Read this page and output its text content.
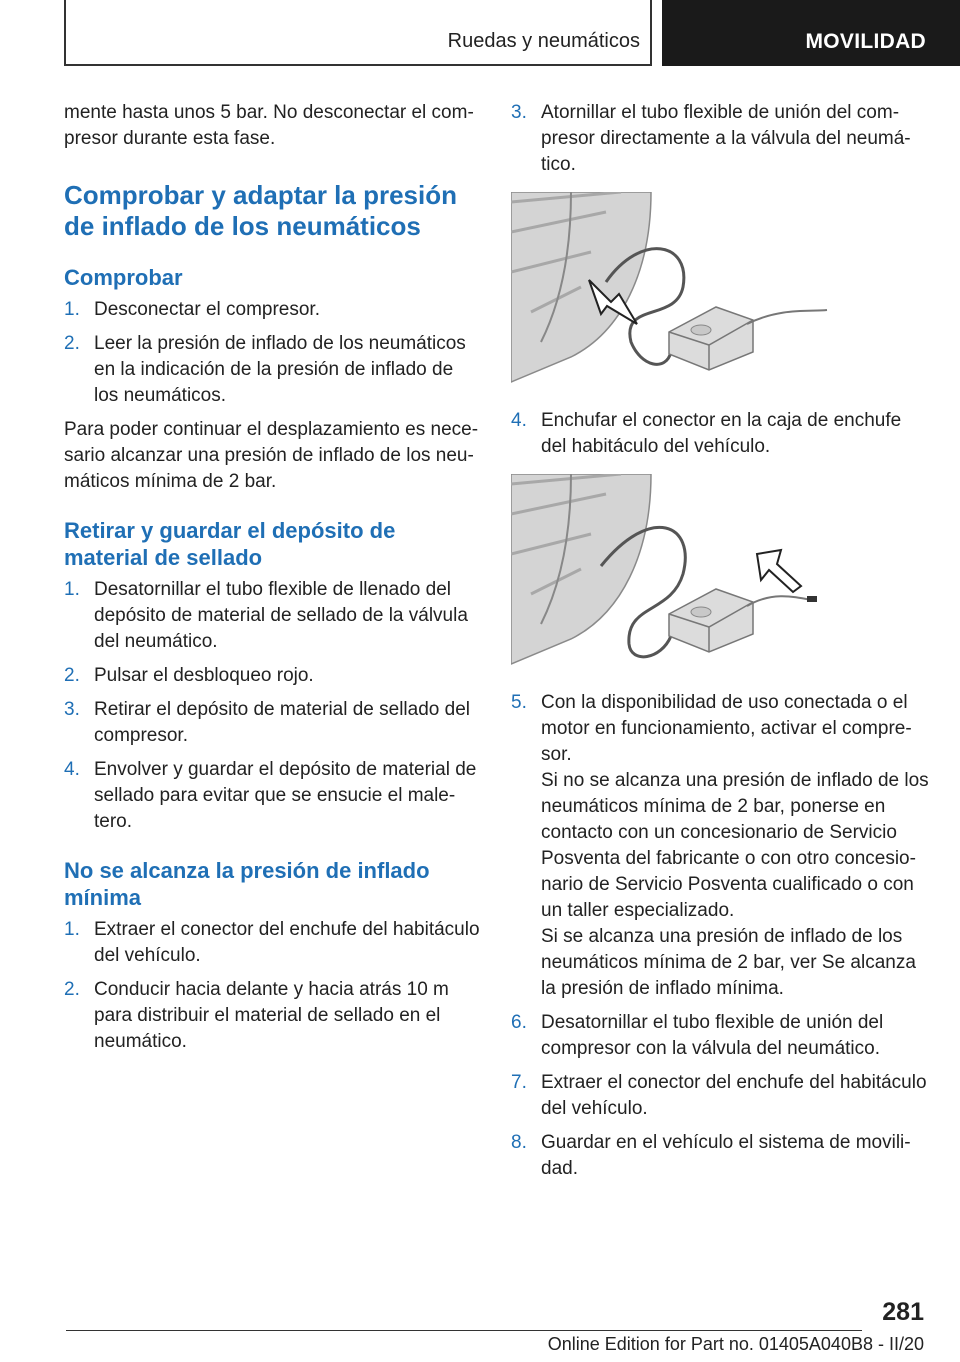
Ruedas y neumáticos	MOVILIDAD

mente hasta unos 5 bar. No desconectar el com‐ presor durante esta fase.

Comprobar y adaptar la presión de inflado de los neumáticos
Comprobar
1. Desconectar el compresor.
2. Leer la presión de inflado de los neumáticos en la indicación de la presión de inflado de los neumáticos.

Para poder continuar el desplazamiento es nece‐ sario alcanzar una presión de inflado de los neu‐ máticos mínima de 2 bar.

Retirar y guardar el depósito de material de sellado
1. Desatornillar el tubo flexible de llenado del depósito de material de sellado de la válvula del neumático.
2. Pulsar el desbloqueo rojo.
3. Retirar el depósito de material de sellado del compresor.
4. Envolver y guardar el depósito de material de sellado para evitar que se ensucie el male‐ tero.
No se alcanza la presión de inflado mínima
1. Extraer el conector del enchufe del habitáculo del vehículo.
2. Conducir hacia delante y hacia atrás 10 m para distribuir el material de sellado en el neumático.
3. Atornillar el tubo flexible de unión del com‐ presor directamente a la válvula del neumá‐ tico.
4. Enchufar el conector en la caja de enchufe del habitáculo del vehículo.
5. Con la disponibilidad de uso conectada o el motor en funcionamiento, activar el compre‐ sor.

Si no se alcanza una presión de inflado de los neumáticos mínima de 2 bar, ponerse en contacto con un concesionario de Servicio Posventa del fabricante o con otro concesio‐ nario de Servicio Posventa cualificado o con un taller especializado.

Si se alcanza una presión de inflado de los neumáticos mínima de 2 bar, ver Se alcanza la presión de inflado mínima.

6. Desatornillar el tubo flexible de unión del compresor con la válvula del neumático.
7. Extraer el conector del enchufe del habitáculo del vehículo.
8. Guardar en el vehículo el sistema de movili‐ dad.
281
Online Edition for Part no. 01405A040B8 - II/20
